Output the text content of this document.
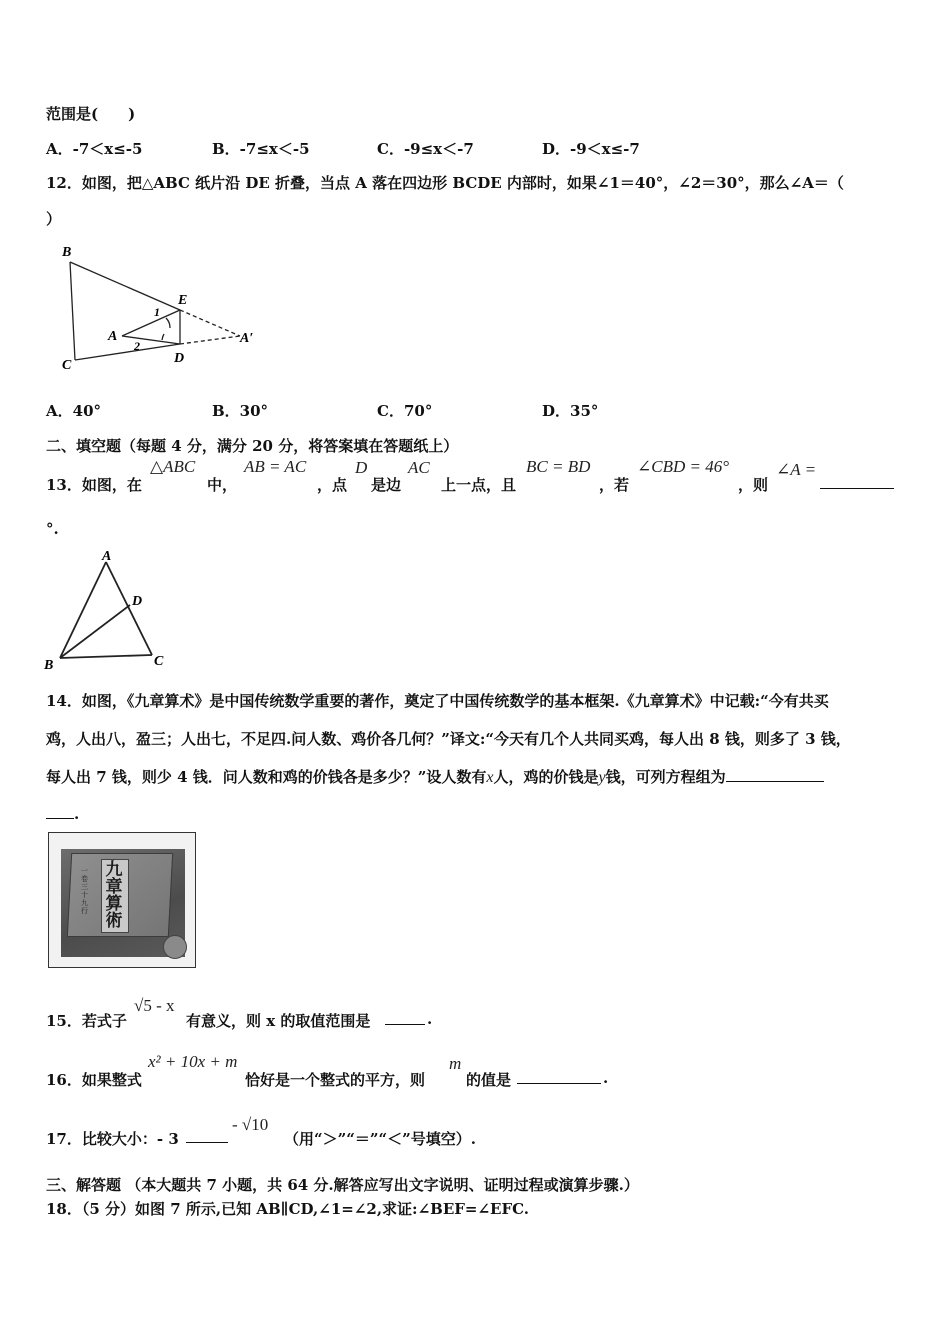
范围是(　　)
A．-7＜x≤-5	B．-7≤x＜-5	C．-9≤x＜-7	D．-9＜x≤-7
12．如图，把△ABC 纸片沿 DE 折叠，当点 A 落在四边形 BCDE 内部时，如果∠1＝40°，∠2＝30°，那么∠A＝（
）
B
C
E
D
A	A′
1
2
A．40°	B．30°	C．70°	D．35°
二、填空题（每题 4 分，满分 20 分，将答案填在答题纸上）
13．如图，在
△ABC
中，
AB = AC
，点
D
是边
AC
上一点，且
BC = BD
，若
∠CBD = 46°
，则
∠A =
°.
A
D
B	C
14．如图，《九章算术》是中国传统数学重要的著作，奠定了中国传统数学的基本框架.《九章算术》中记载:“今有共买
鸡，人出八，盈三；人出七，不足四.问人数、鸡价各几何？”译文:“今天有几个人共同买鸡，每人出 8 钱，则多了 3 钱，
每人出 7 钱，则少 4 钱．问人数和鸡的价钱各是多少？”设人数有x人，鸡的价钱是y钱，可列方程组为
.
九章算術
一卷 三十 九 行
15．若式子
√5 - x
有意义，则 x 的取值范围是	.
16．如果整式
x² + 10x + m
恰好是一个整式的平方，则
m
的值是	.
17．比较大小：- 3
- √10
（用“＞”“＝”“＜”号填空）.
三、解答题 （本大题共 7 小题，共 64 分.解答应写出文字说明、证明过程或演算步骤.）
18．（5 分）如图 7 所示,已知 AB∥CD,∠1=∠2,求证:∠BEF=∠EFC.
